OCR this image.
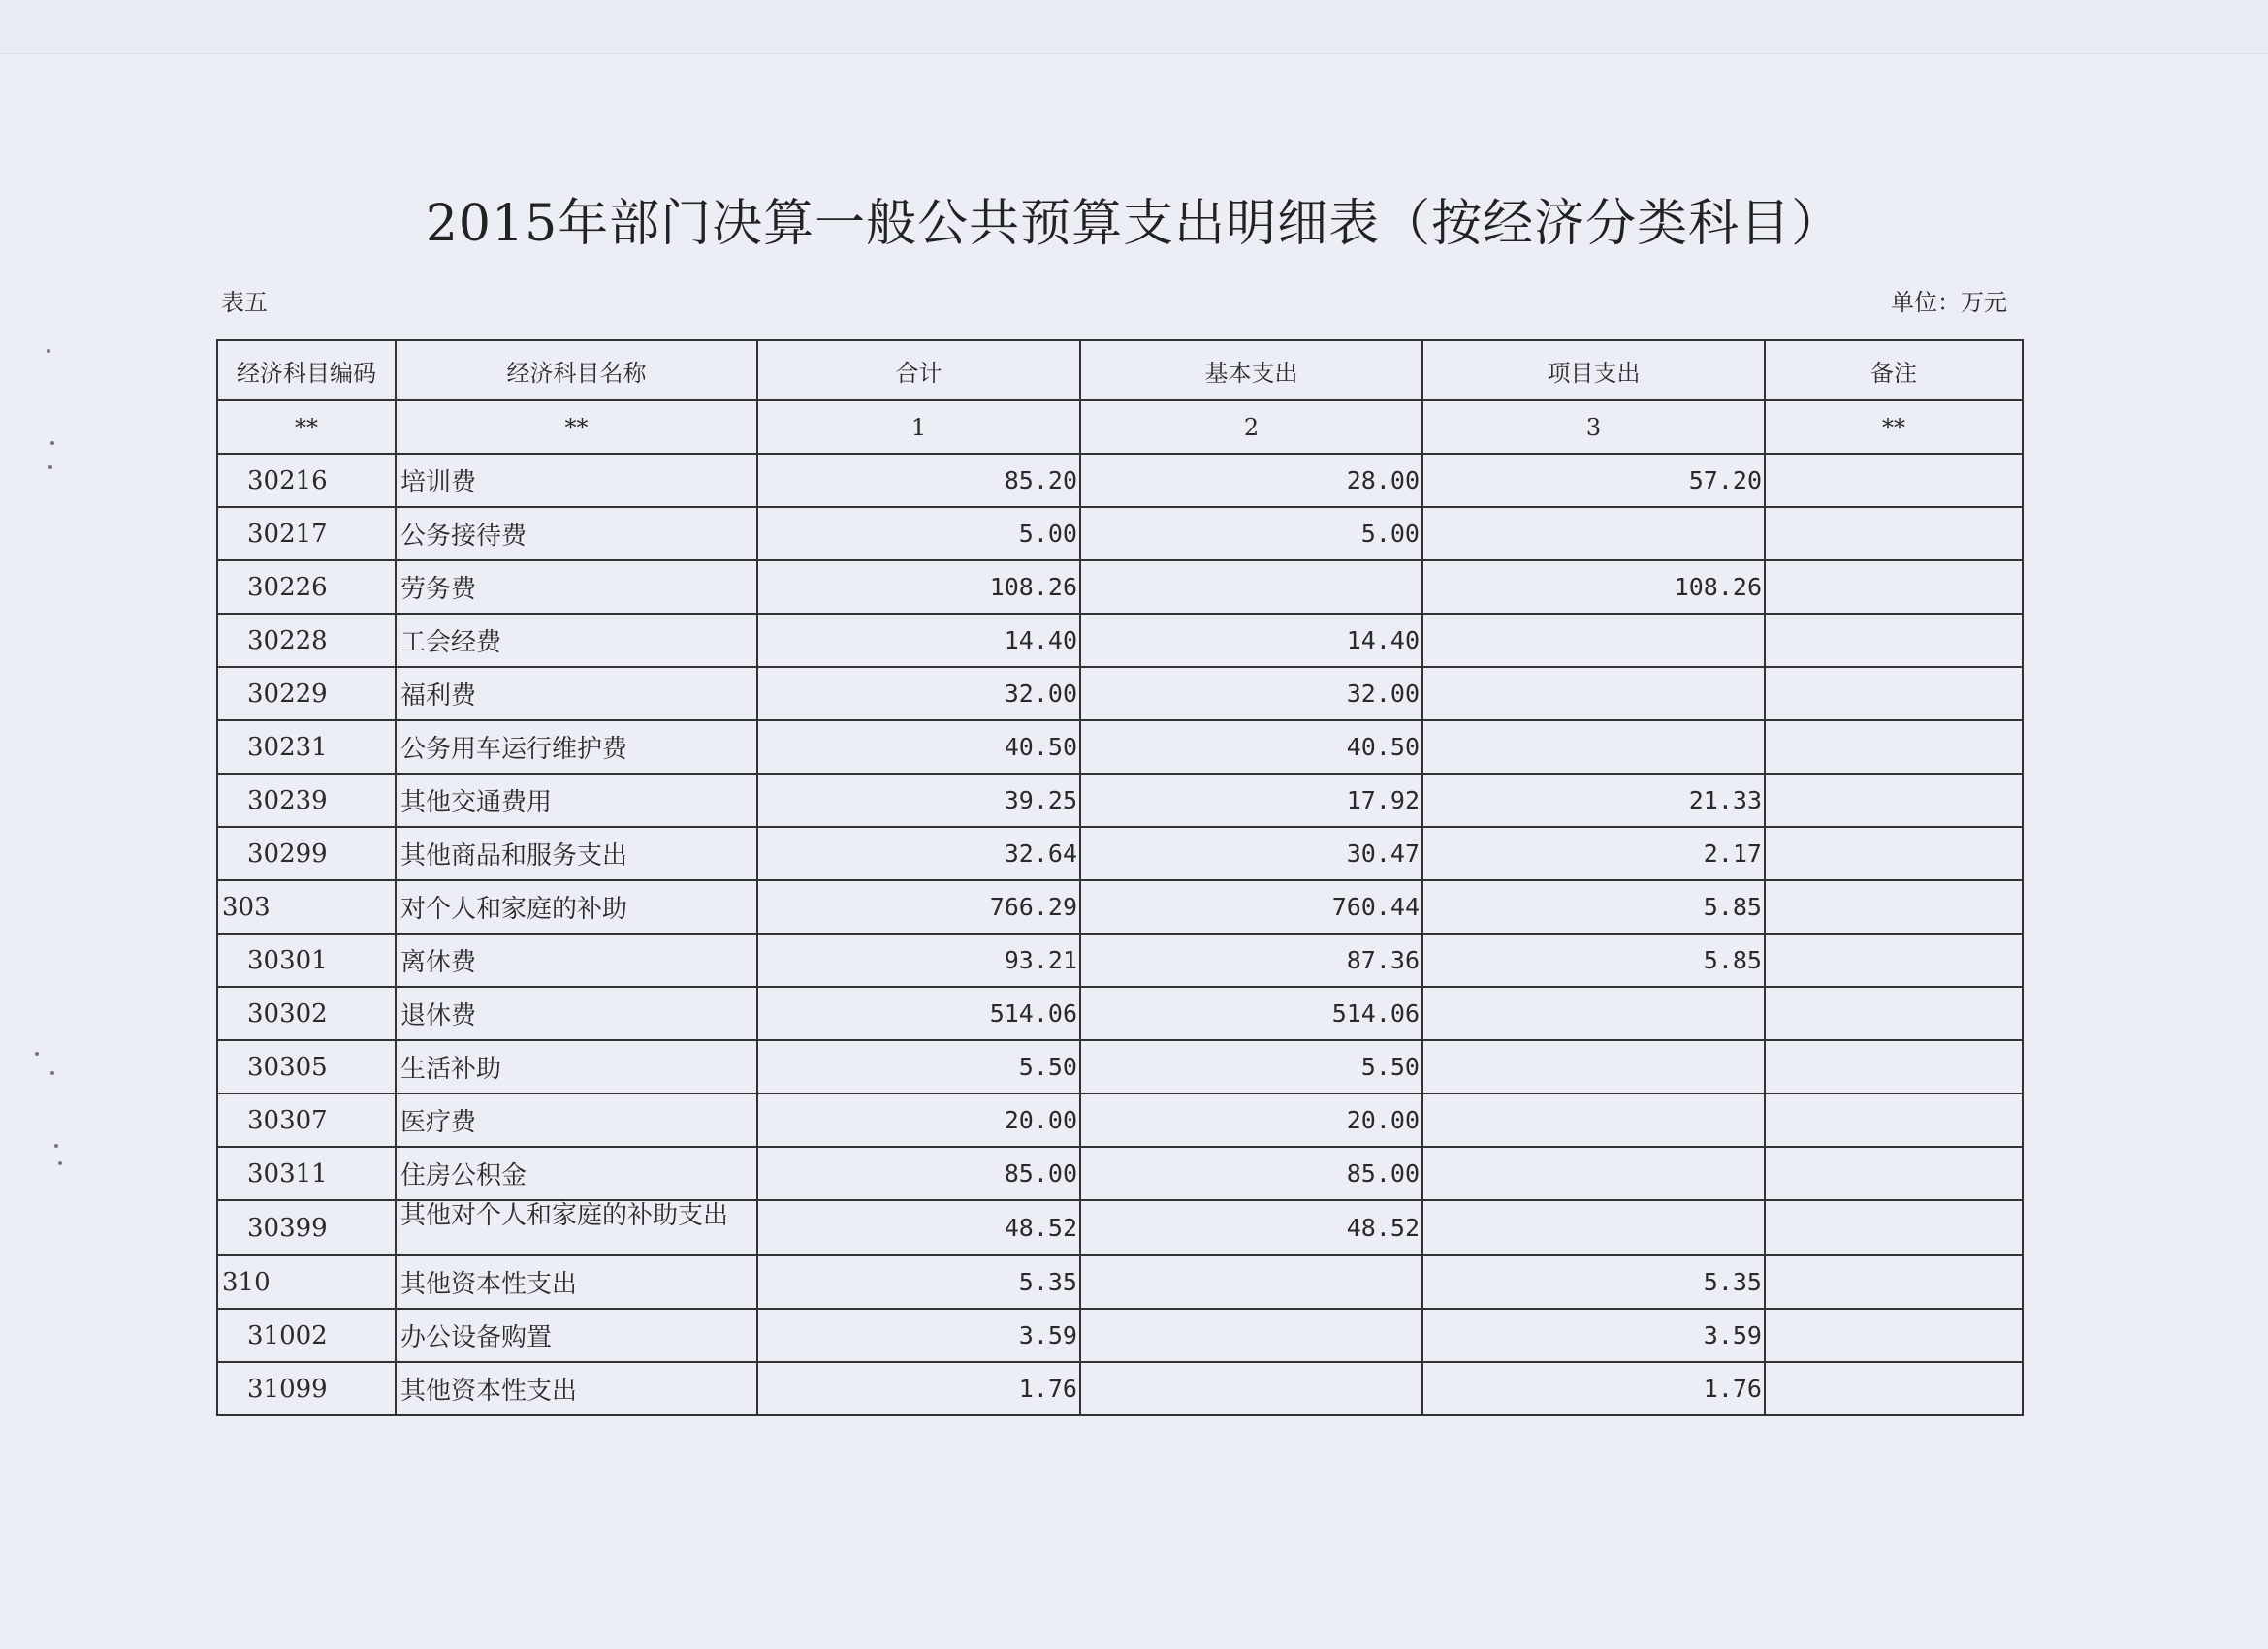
2015年部门决算一般公共预算支出明细表（按经济分类科目）
表五	单位：万元
经济科目编码	经济科目名称	合计	基本支出	项目支出	备注
**	**	1	2	3	**
30216	培训费	85.20	28.00	57.20	
30217	公务接待费	5.00	5.00		
30226	劳务费	108.26		108.26	
30228	工会经费	14.40	14.40		
30229	福利费	32.00	32.00		
30231	公务用车运行维护费	40.50	40.50		
30239	其他交通费用	39.25	17.92	21.33	
30299	其他商品和服务支出	32.64	30.47	2.17	
303	对个人和家庭的补助	766.29	760.44	5.85	
30301	离休费	93.21	87.36	5.85	
30302	退休费	514.06	514.06		
30305	生活补助	5.50	5.50		
30307	医疗费	20.00	20.00		
30311	住房公积金	85.00	85.00		
30399	其他对个人和家庭的补助支出	48.52	48.52		
310	其他资本性支出	5.35		5.35	
31002	办公设备购置	3.59		3.59	
31099	其他资本性支出	1.76		1.76	
